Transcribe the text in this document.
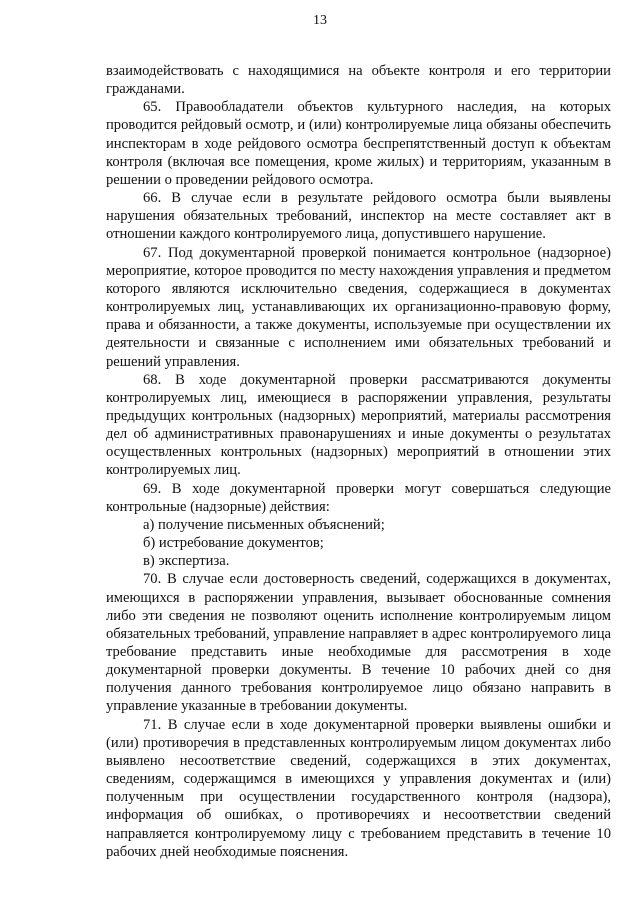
13

взаимодействовать с находящимися на объекте контроля и его территории гражданами.

65. Правообладатели объектов культурного наследия, на которых проводится рейдовый осмотр, и (или) контролируемые лица обязаны обеспечить инспекторам в ходе рейдового осмотра беспрепятственный доступ к объектам контроля (включая все помещения, кроме жилых) и территориям, указанным в решении о проведении рейдового осмотра.

66. В случае если в результате рейдового осмотра были выявлены нарушения обязательных требований, инспектор на месте составляет акт в отношении каждого контролируемого лица, допустившего нарушение.

67. Под документарной проверкой понимается контрольное (надзорное) мероприятие, которое проводится по месту нахождения управления и предметом которого являются исключительно сведения, содержащиеся в документах контролируемых лиц, устанавливающих их организационно-правовую форму, права и обязанности, а также документы, используемые при осуществлении их деятельности и связанные с исполнением ими обязательных требований и решений управления.

68. В ходе документарной проверки рассматриваются документы контролируемых лиц, имеющиеся в распоряжении управления, результаты предыдущих контрольных (надзорных) мероприятий, материалы рассмотрения дел об административных правонарушениях и иные документы о результатах осуществленных контрольных (надзорных) мероприятий в отношении этих контролируемых лиц.

69. В ходе документарной проверки могут совершаться следующие контрольные (надзорные) действия:

а) получение письменных объяснений;

б) истребование документов;

в) экспертиза.

70. В случае если достоверность сведений, содержащихся в документах, имеющихся в распоряжении управления, вызывает обоснованные сомнения либо эти сведения не позволяют оценить исполнение контролируемым лицом обязательных требований, управление направляет в адрес контролируемого лица требование представить иные необходимые для рассмотрения в ходе документарной проверки документы. В течение 10 рабочих дней со дня получения данного требования контролируемое лицо обязано направить в управление указанные в требовании документы.

71. В случае если в ходе документарной проверки выявлены ошибки и (или) противоречия в представленных контролируемым лицом документах либо выявлено несоответствие сведений, содержащихся в этих документах, сведениям, содержащимся в имеющихся у управления документах и (или) полученным при осуществлении государственного контроля (надзора), информация об ошибках, о противоречиях и несоответствии сведений направляется контролируемому лицу с требованием представить в течение 10 рабочих дней необходимые пояснения.
